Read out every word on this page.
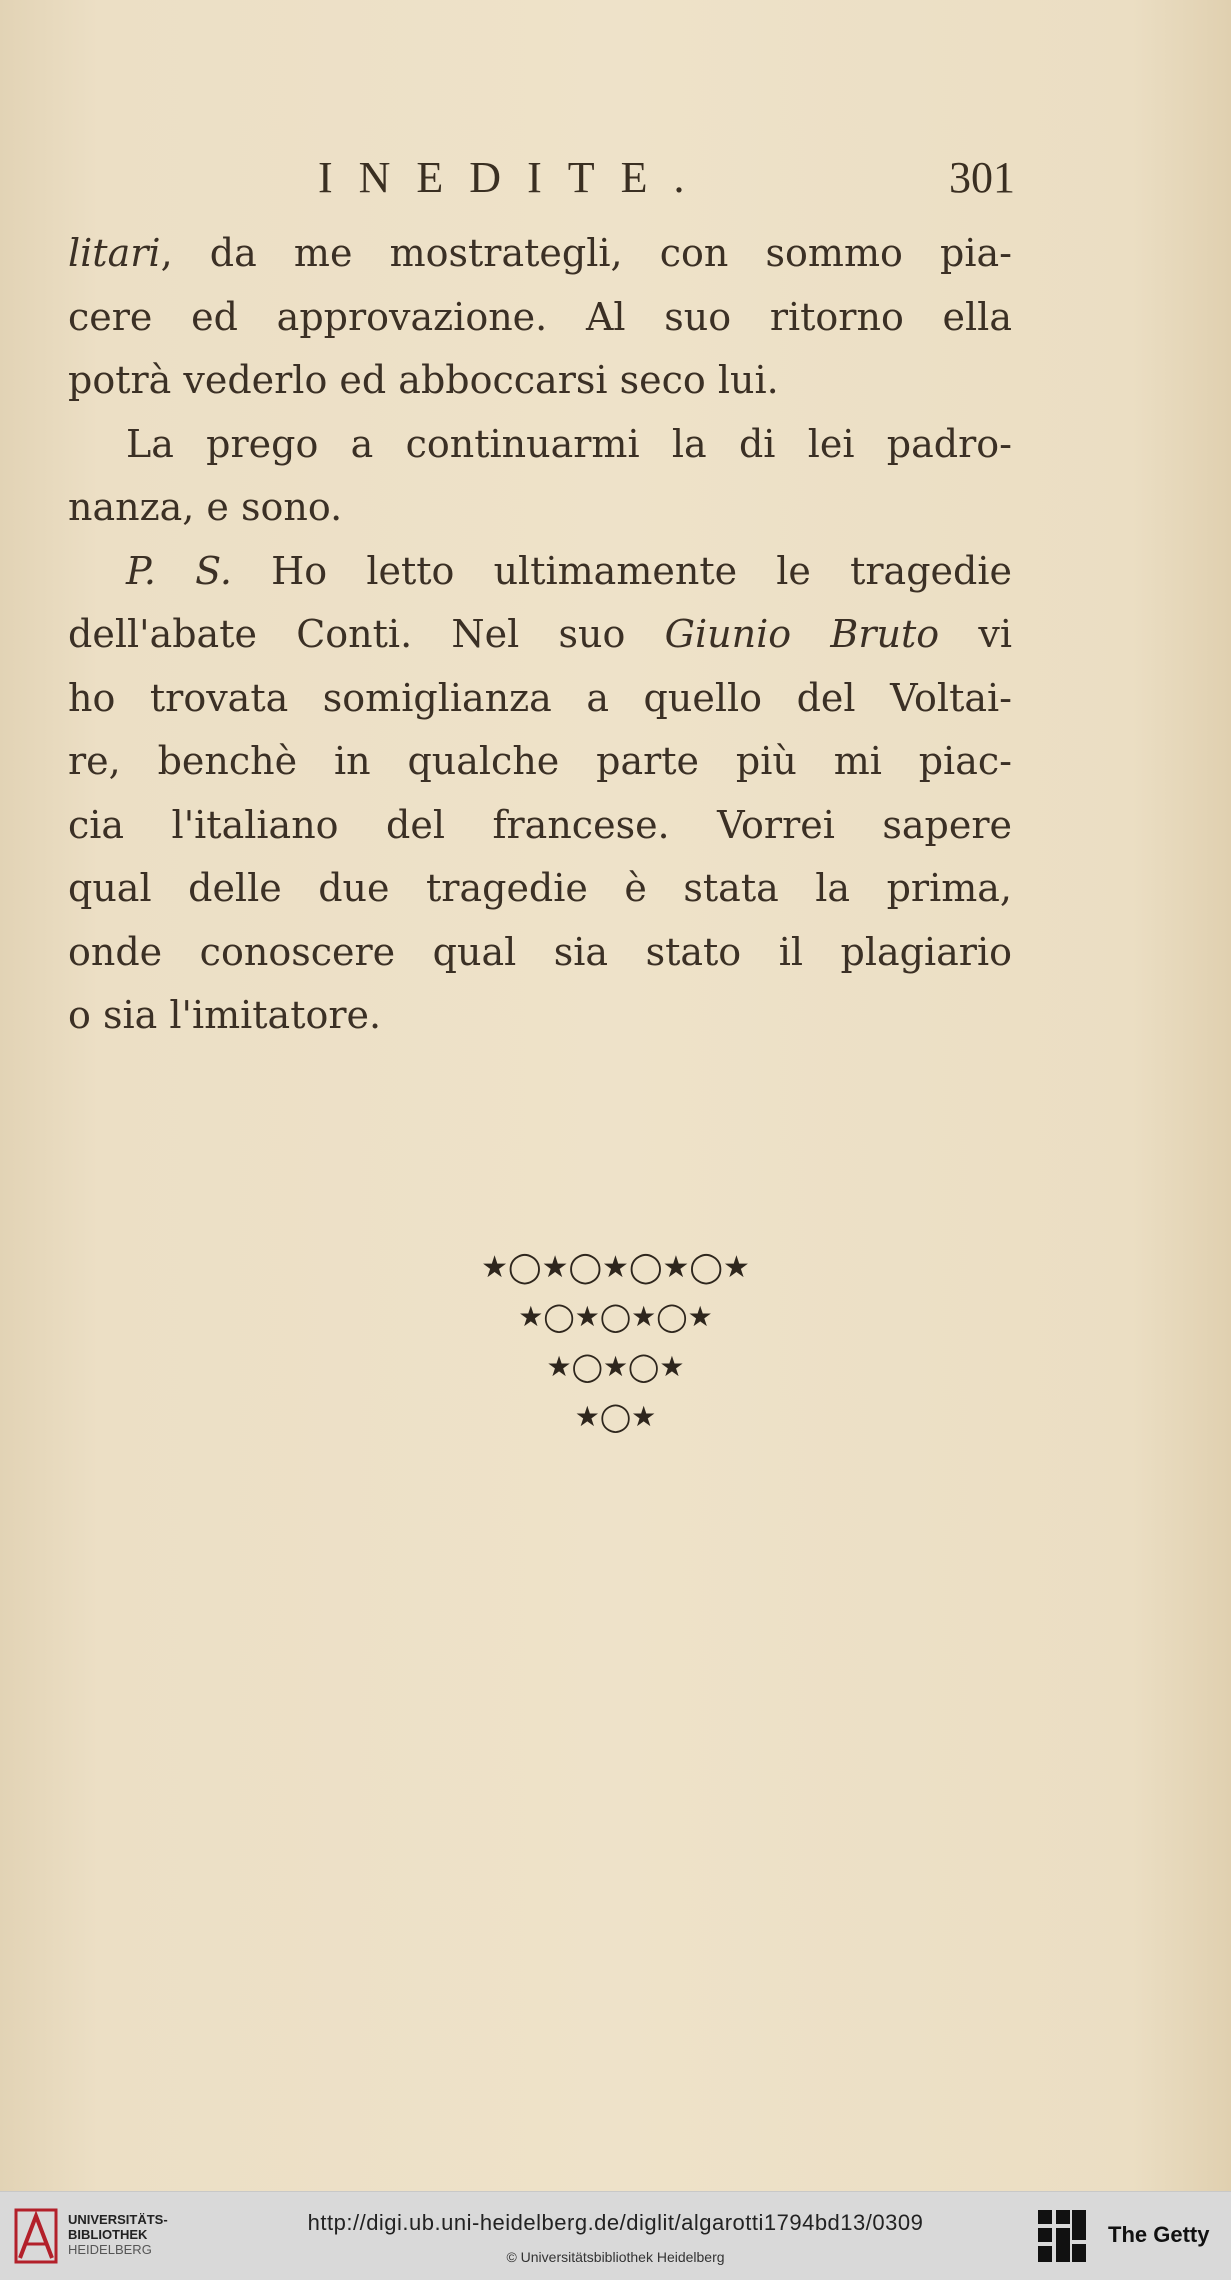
INEDITE.	301
litari, da me mostrategli, con sommo pia-
cere ed approvazione. Al suo ritorno ella
potrà vederlo ed abboccarsi seco lui.
La prego a continuarmi la di lei padro-
nanza, e sono.
P. S. Ho letto ultimamente le tragedie
dell'abate Conti. Nel suo Giunio Bruto vi
ho trovata somiglianza a quello del Voltai-
re, benchè in qualche parte più mi piac-
cia l'italiano del francese. Vorrei sapere
qual delle due tragedie è stata la prima,
onde conoscere qual sia stato il plagiario
o sia l'imitatore.
★◯★◯★◯★◯★
★◯★◯★◯★
★◯★◯★
★◯★
UNIVERSITÄTS-
BIBLIOTHEK
HEIDELBERG
http://digi.ub.uni-heidelberg.de/diglit/algarotti1794bd13/0309
© Universitätsbibliothek Heidelberg
The Getty
